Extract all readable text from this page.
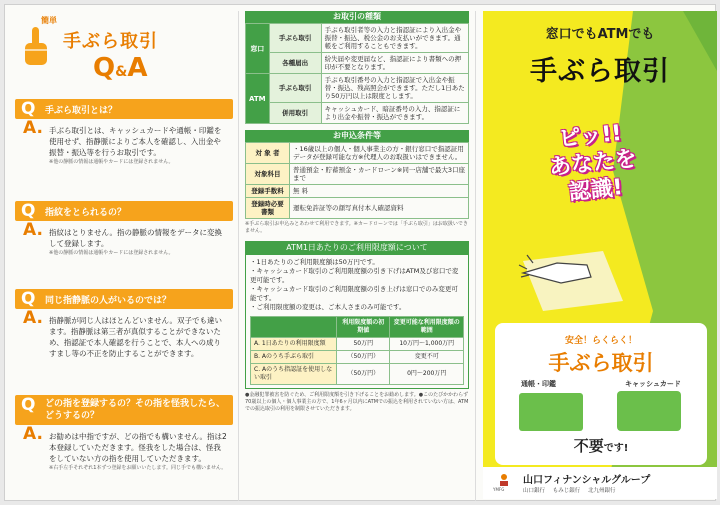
簡単
手ぶら取引
Q&A
Q 手ぶら取引とは？
A. 手ぶら取引とは、キャッシュカードや通帳・印鑑を使用せず、指静脈によりご本人を確認し、入出金や振替・振込等を行うお取引です。
※他の静脈の情報は通帳やカードには登録されません。
Q 指紋をとられるの？
A. 指紋はとりません。指の静脈の情報をデータに変換して登録します。
※他の静脈の情報は通帳やカードには登録されません。
Q 同じ指静脈の人がいるのでは？
A. 指静脈が同じ人はほとんどいません。双子でも違います。指静脈は第三者が真似することができないため、指認証で本人確認を行うことで、本人への成りすまし等の不正を防止することができます。
Q どの指を登録するの？その指を怪我したら、どうするの？
A. お勧めは中指ですが、どの指でも構いません。指は2本登録していただきます。怪我をした場合は、怪我をしていない方の指を使用していただきます。
※右手左手それぞれ1本ずつ登録をお願いいたします。同じ手でも構いません。
お取引の種類
窓口	手ぶら取引	手ぶら取引者等の入力と指認証により入出金や振替・振込、税公金のお支払いができます。通帳をご利用することもできます。
	各種届出	紛失届や変更届など、指認証により書類への押印が不要となります。
ATM	手ぶら取引	手ぶら取引番号の入力と指認証で入出金や振替・振込、残高照会ができます。ただし1日あたり50万円以上は限度とします。
	併用取引	キャッシュカード、暗証番号の入力、指認証により出金や振替・振込ができます。
お申込条件等
対 象 者	・16歳以上の個人・個人事業主の方・銀行窓口で指認証用データが登録可能な方※代理人のお取扱いはできません。
対象科目	普通預金・貯蓄預金・カードローン※同一店舗で最大3口座まで
登録手数料	無 料
登録時必要書類	運転免許証等の顔写真付本人確認資料
※手ぶら取引お申込みとあわせて利用できます。※カードローンでは「手ぶら取引」はお取扱いできません。
ATM1日あたりのご利用限度額について
・1日あたりのご利用限度額は50万円です。
・キャッシュカード取引のご利用限度額の引き下げはATM及び窓口で変更可能です。
・キャッシュカード取引のご利用限度額の引き上げは窓口でのみ変更可能です。
・ご利用限度額の変更は、ご本人さまのみ可能です。
	利用限度額の初期値	変更可能な利用限度額の範囲
A. 1日あたりの利用限度額	50万円	10万円～1,000万円
B. Aのうち手ぶら取引	（50万円）	変更不可
C. Aのうち指認証を使用しない取引	（50万円）	0円～200万円
●金融犯罪被害を防ぐため、ご利用限度額を引き下げることをお勧めします。●このたびかかわらず70歳以上の個人・個人事業主の方で、1年6ヶ月以内にATMでの振込を利用されていない方は、ATMでの振込取引の利用を制限させていただきます。
窓口でもATMでも
手ぶら取引
ピッ!!
あなたを
認識!
安全！らくらく！
手ぶら取引
通帳・印鑑	キャッシュカード
不要です!
YMFG
山口フィナンシャルグループ
山口銀行 もみじ銀行 北九州銀行
